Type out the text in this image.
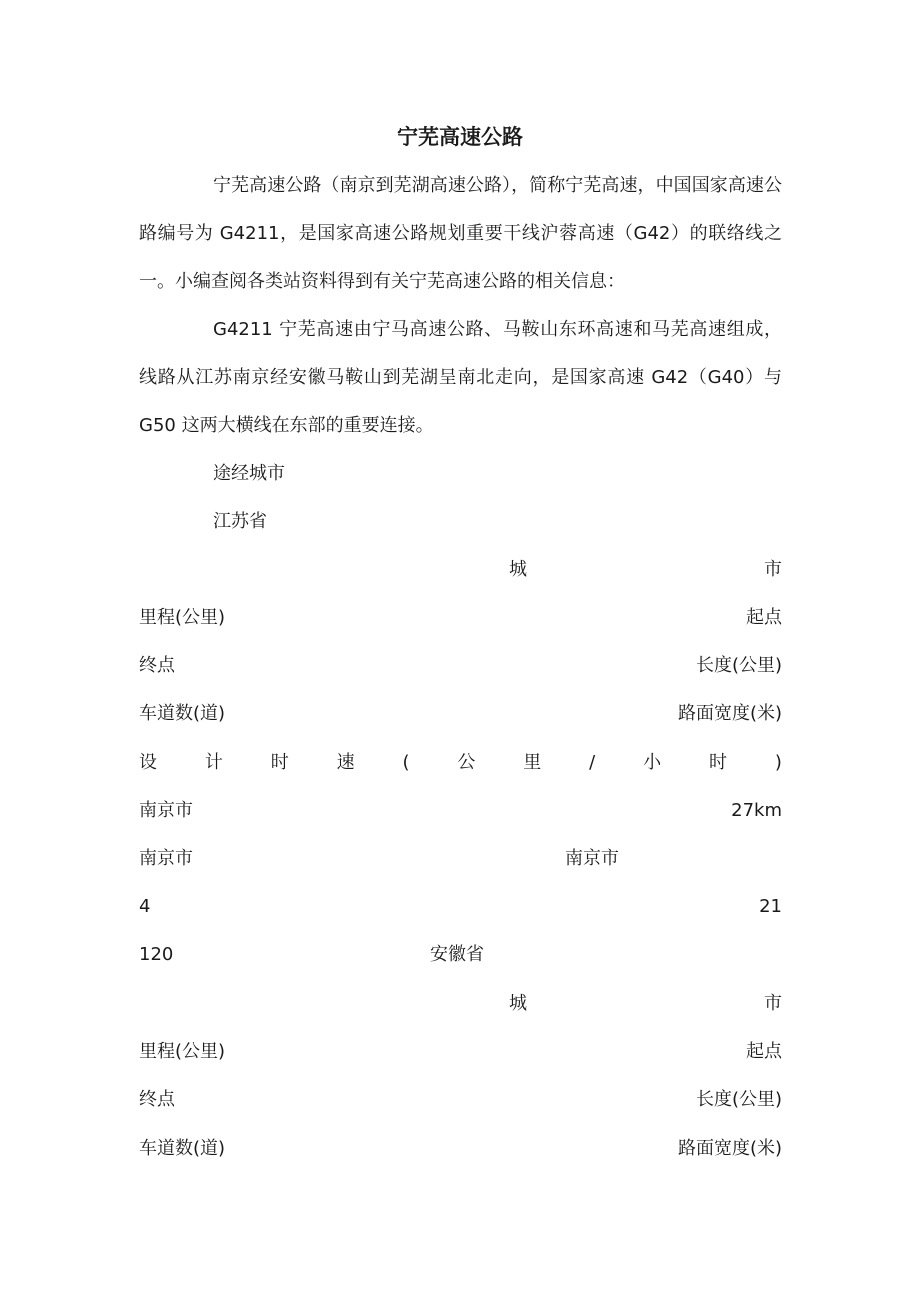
宁芜高速公路
宁芜高速公路（南京到芜湖高速公路），简称宁芜高速，中国国家高速公路编号为 G4211，是国家高速公路规划重要干线沪蓉高速（G42）的联络线之一。小编查阅各类站资料得到有关宁芜高速公路的相关信息：
G4211 宁芜高速由宁马高速公路、马鞍山东环高速和马芜高速组成，线路从江苏南京经安徽马鞍山到芜湖呈南北走向，是国家高速 G42（G40）与 G50 这两大横线在东部的重要连接。
途经城市
江苏省
城	市
里程(公里)	起点
终点	长度(公里)
车道数(道)	路面宽度(米)
设	计	时	速	(	公	里	/	小	时	)
南京市	27km
南京市	南京市
4	21
120	安徽省
城	市
里程(公里)	起点
终点	长度(公里)
车道数(道)	路面宽度(米)
